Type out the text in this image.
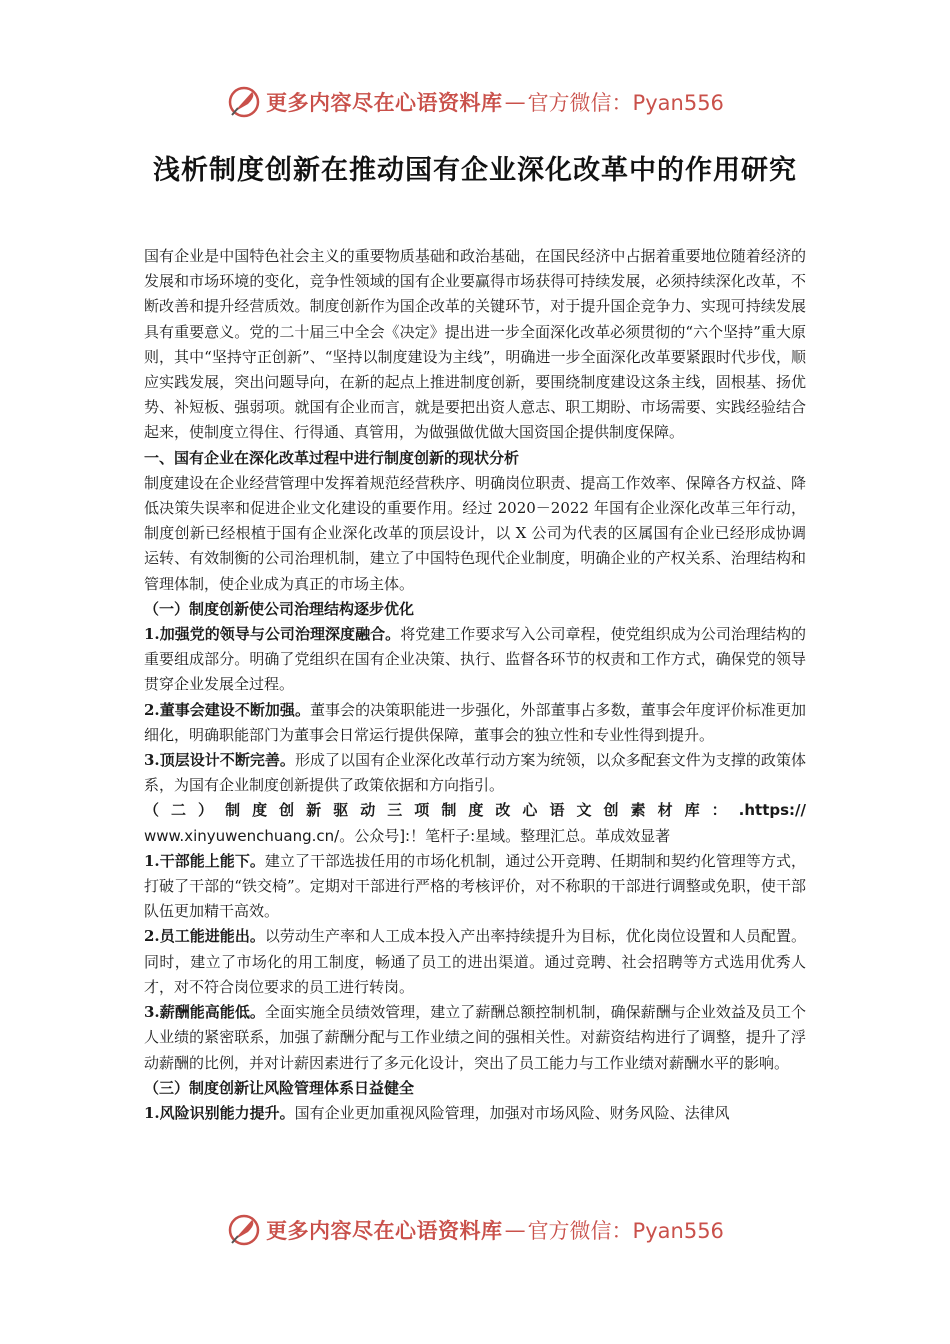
更多内容尽在心语资料库 — 官方微信：Pyan556
浅析制度创新在推动国有企业深化改革中的作用研究

国有企业是中国特色社会主义的重要物质基础和政治基础，在国民经济中占据着重要地位随着经济的发展和市场环境的变化，竞争性领域的国有企业要赢得市场获得可持续发展，必须持续深化改革，不断改善和提升经营质效。制度创新作为国企改革的关键环节，对于提升国企竞争力、实现可持续发展具有重要意义。党的二十届三中全会《决定》提出进一步全面深化改革必须贯彻的“六个坚持”重大原则，其中“坚持守正创新”、“坚持以制度建设为主线”，明确进一步全面深化改革要紧跟时代步伐，顺应实践发展，突出问题导向，在新的起点上推进制度创新，要围绕制度建设这条主线，固根基、扬优势、补短板、强弱项。就国有企业而言，就是要把出资人意志、职工期盼、市场需要、实践经验结合起来，使制度立得住、行得通、真管用，为做强做优做大国资国企提供制度保障。

一、国有企业在深化改革过程中进行制度创新的现状分析

制度建设在企业经营管理中发挥着规范经营秩序、明确岗位职责、提高工作效率、保障各方权益、降低决策失误率和促进企业文化建设的重要作用。经过 2020－2022 年国有企业深化改革三年行动，制度创新已经根植于国有企业深化改革的顶层设计，以 X 公司为代表的区属国有企业已经形成协调运转、有效制衡的公司治理机制，建立了中国特色现代企业制度，明确企业的产权关系、治理结构和管理体制，使企业成为真正的市场主体。

（一）制度创新使公司治理结构逐步优化

1.加强党的领导与公司治理深度融合。将党建工作要求写入公司章程，使党组织成为公司治理结构的重要组成部分。明确了党组织在国有企业决策、执行、监督各环节的权责和工作方式，确保党的领导贯穿企业发展全过程。

2.董事会建设不断加强。董事会的决策职能进一步强化，外部董事占多数，董事会年度评价标准更加细化，明确职能部门为董事会日常运行提供保障，董事会的独立性和专业性得到提升。

3.顶层设计不断完善。形成了以国有企业深化改革行动方案为统领，以众多配套文件为支撑的政策体系，为国有企业制度创新提供了政策依据和方向指引。

（二）制度创新驱动三项制度改心语文创素材库：.https://

www.xinyuwenchuang.cn/。公众号]:！笔杆子:星域。整理汇总。革成效显著

1.干部能上能下。建立了干部选拔任用的市场化机制，通过公开竞聘、任期制和契约化管理等方式，打破了干部的“铁交椅”。定期对干部进行严格的考核评价，对不称职的干部进行调整或免职，使干部队伍更加精干高效。

2.员工能进能出。以劳动生产率和人工成本投入产出率持续提升为目标，优化岗位设置和人员配置。同时，建立了市场化的用工制度，畅通了员工的进出渠道。通过竞聘、社会招聘等方式选用优秀人才，对不符合岗位要求的员工进行转岗。

3.薪酬能高能低。全面实施全员绩效管理，建立了薪酬总额控制机制，确保薪酬与企业效益及员工个人业绩的紧密联系，加强了薪酬分配与工作业绩之间的强相关性。对薪资结构进行了调整，提升了浮动薪酬的比例，并对计薪因素进行了多元化设计，突出了员工能力与工作业绩对薪酬水平的影响。

（三）制度创新让风险管理体系日益健全

1.风险识别能力提升。国有企业更加重视风险管理，加强对市场风险、财务风险、法律风

更多内容尽在心语资料库 — 官方微信：Pyan556
